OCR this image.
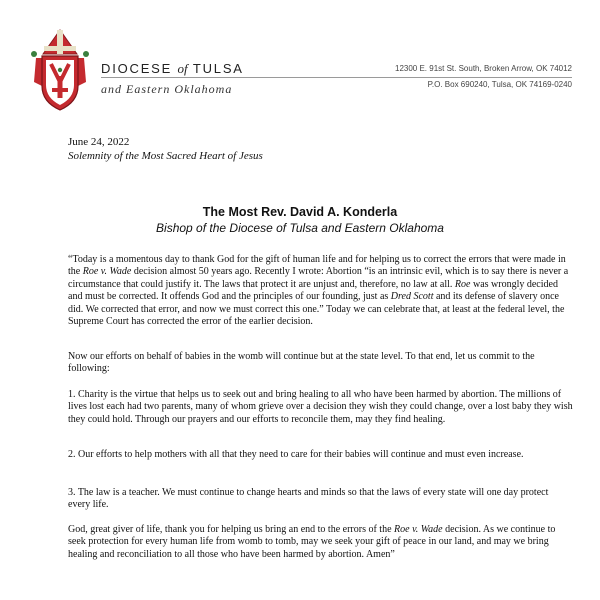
DIOCESE of TULSA
and Eastern Oklahoma
12300 E. 91st St. South, Broken Arrow, OK 74012
P.O. Box 690240, Tulsa, OK 74169-0240
June 24, 2022
Solemnity of the Most Sacred Heart of Jesus
The Most Rev. David A. Konderla
Bishop of the Diocese of Tulsa and Eastern Oklahoma
“Today is a momentous day to thank God for the gift of human life and for helping us to correct the errors that were made in the Roe v. Wade decision almost 50 years ago. Recently I wrote: Abortion “is an intrinsic evil, which is to say there is never a circumstance that could justify it. The laws that protect it are unjust and, therefore, no law at all. Roe was wrongly decided and must be corrected. It offends God and the principles of our founding, just as Dred Scott and its defense of slavery once did. We corrected that error, and now we must correct this one.” Today we can celebrate that, at least at the federal level, the Supreme Court has corrected the error of the earlier decision.
Now our efforts on behalf of babies in the womb will continue but at the state level. To that end, let us commit to the following:
1. Charity is the virtue that helps us to seek out and bring healing to all who have been harmed by abortion. The millions of lives lost each had two parents, many of whom grieve over a decision they wish they could change, over a lost baby they wish they could hold. Through our prayers and our efforts to reconcile them, may they find healing.
2. Our efforts to help mothers with all that they need to care for their babies will continue and must even increase.
3. The law is a teacher. We must continue to change hearts and minds so that the laws of every state will one day protect every life.
God, great giver of life, thank you for helping us bring an end to the errors of the Roe v. Wade decision. As we continue to seek protection for every human life from womb to tomb, may we seek your gift of peace in our land, and may we bring healing and reconciliation to all those who have been harmed by abortion. Amen”
